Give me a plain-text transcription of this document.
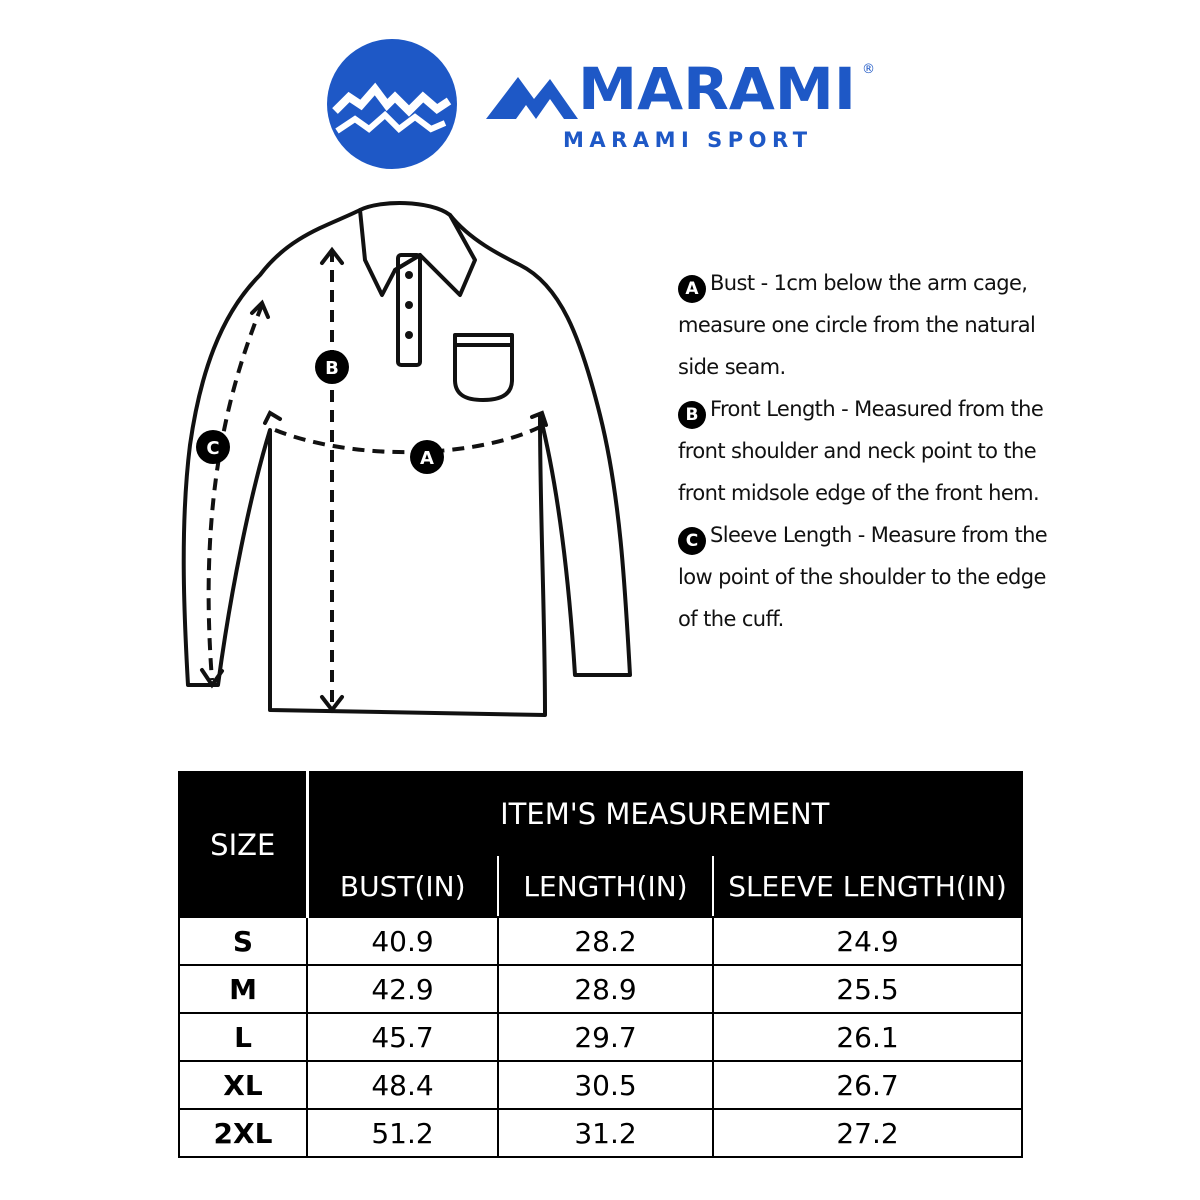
MARAMI ®
MARAMI SPORT
B
C	A

A Bust - 1cm below the arm cage, measure one circle from the natural side seam.

B Front Length - Measured from the front shoulder and neck point to the front midsole edge of the front hem.

C Sleeve Length - Measure from the low point of the shoulder to the edge of the cuff.

SIZE	ITEM'S MEASUREMENT		
	BUST(IN)	LENGTH(IN)	SLEEVE LENGTH(IN)
S	40.9	28.2	24.9
M	42.9	28.9	25.5
L	45.7	29.7	26.1
XL	48.4	30.5	26.7
2XL	51.2	31.2	27.2
